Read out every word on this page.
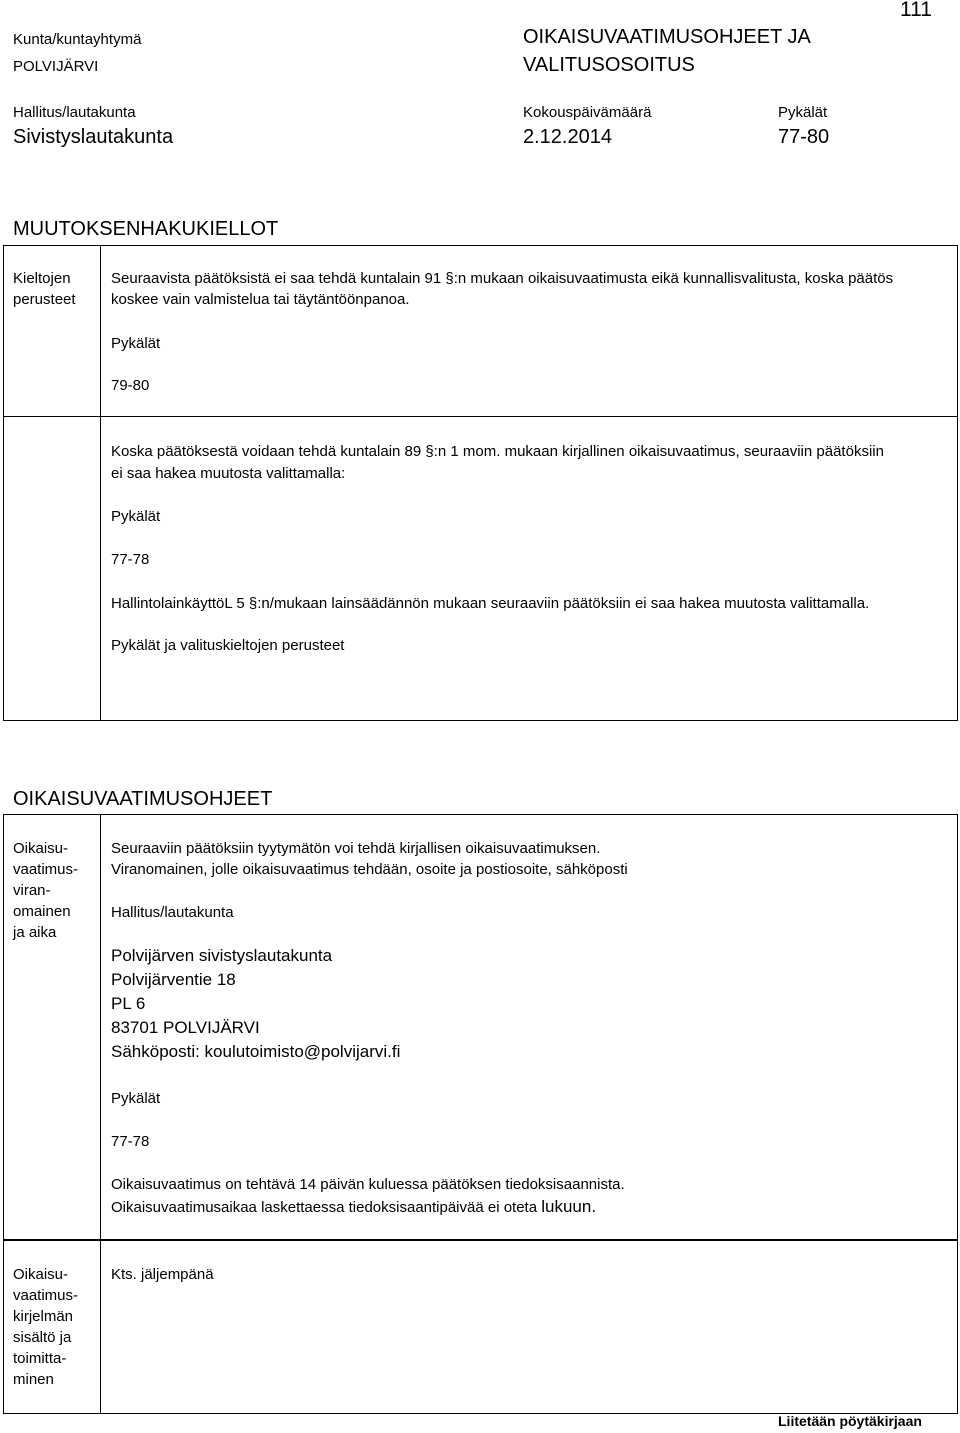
111
Kunta/kuntayhtymä
POLVIJÄRVI
OIKAISUVAATIMUSOHJEET JA
VALITUSOSOITUS
Hallitus/lautakunta
Sivistyslautakunta
Kokouspäivämäärä
2.12.2014
Pykälät
77-80
MUUTOKSENHAKUKIELLOT
Kieltojen
perusteet
Seuraavista päätöksistä ei saa tehdä kuntalain 91 §:n mukaan oikaisuvaatimusta eikä kunnallisvalitusta, koska päätös
koskee vain valmistelua tai täytäntöönpanoa.
Pykälät
79-80
Koska päätöksestä voidaan tehdä kuntalain 89 §:n 1 mom. mukaan kirjallinen oikaisuvaatimus, seuraaviin päätöksiin
ei saa hakea muutosta valittamalla:
Pykälät
77-78
HallintolainkäyttöL 5 §:n/mukaan lainsäädännön mukaan seuraaviin päätöksiin ei saa hakea muutosta valittamalla.
Pykälät ja valituskieltojen perusteet
OIKAISUVAATIMUSOHJEET
Oikaisu-
vaatimus-
viran-
omainen
ja aika
Seuraaviin päätöksiin tyytymätön voi tehdä kirjallisen oikaisuvaatimuksen.
Viranomainen, jolle oikaisuvaatimus tehdään, osoite ja postiosoite, sähköposti
Hallitus/lautakunta
Polvijärven sivistyslautakunta
Polvijärventie 18
PL 6
83701 POLVIJÄRVI
Sähköposti: koulutoimisto@polvijarvi.fi
Pykälät
77-78
Oikaisuvaatimus on tehtävä 14 päivän kuluessa päätöksen tiedoksisaannista.
Oikaisuvaatimusaikaa laskettaessa tiedoksisaantipäivää ei oteta lukuun.
Oikaisu-
vaatimus-
kirjelmän
sisältö ja
toimitta-
minen
Kts. jäljempänä
Liitetään pöytäkirjaan
